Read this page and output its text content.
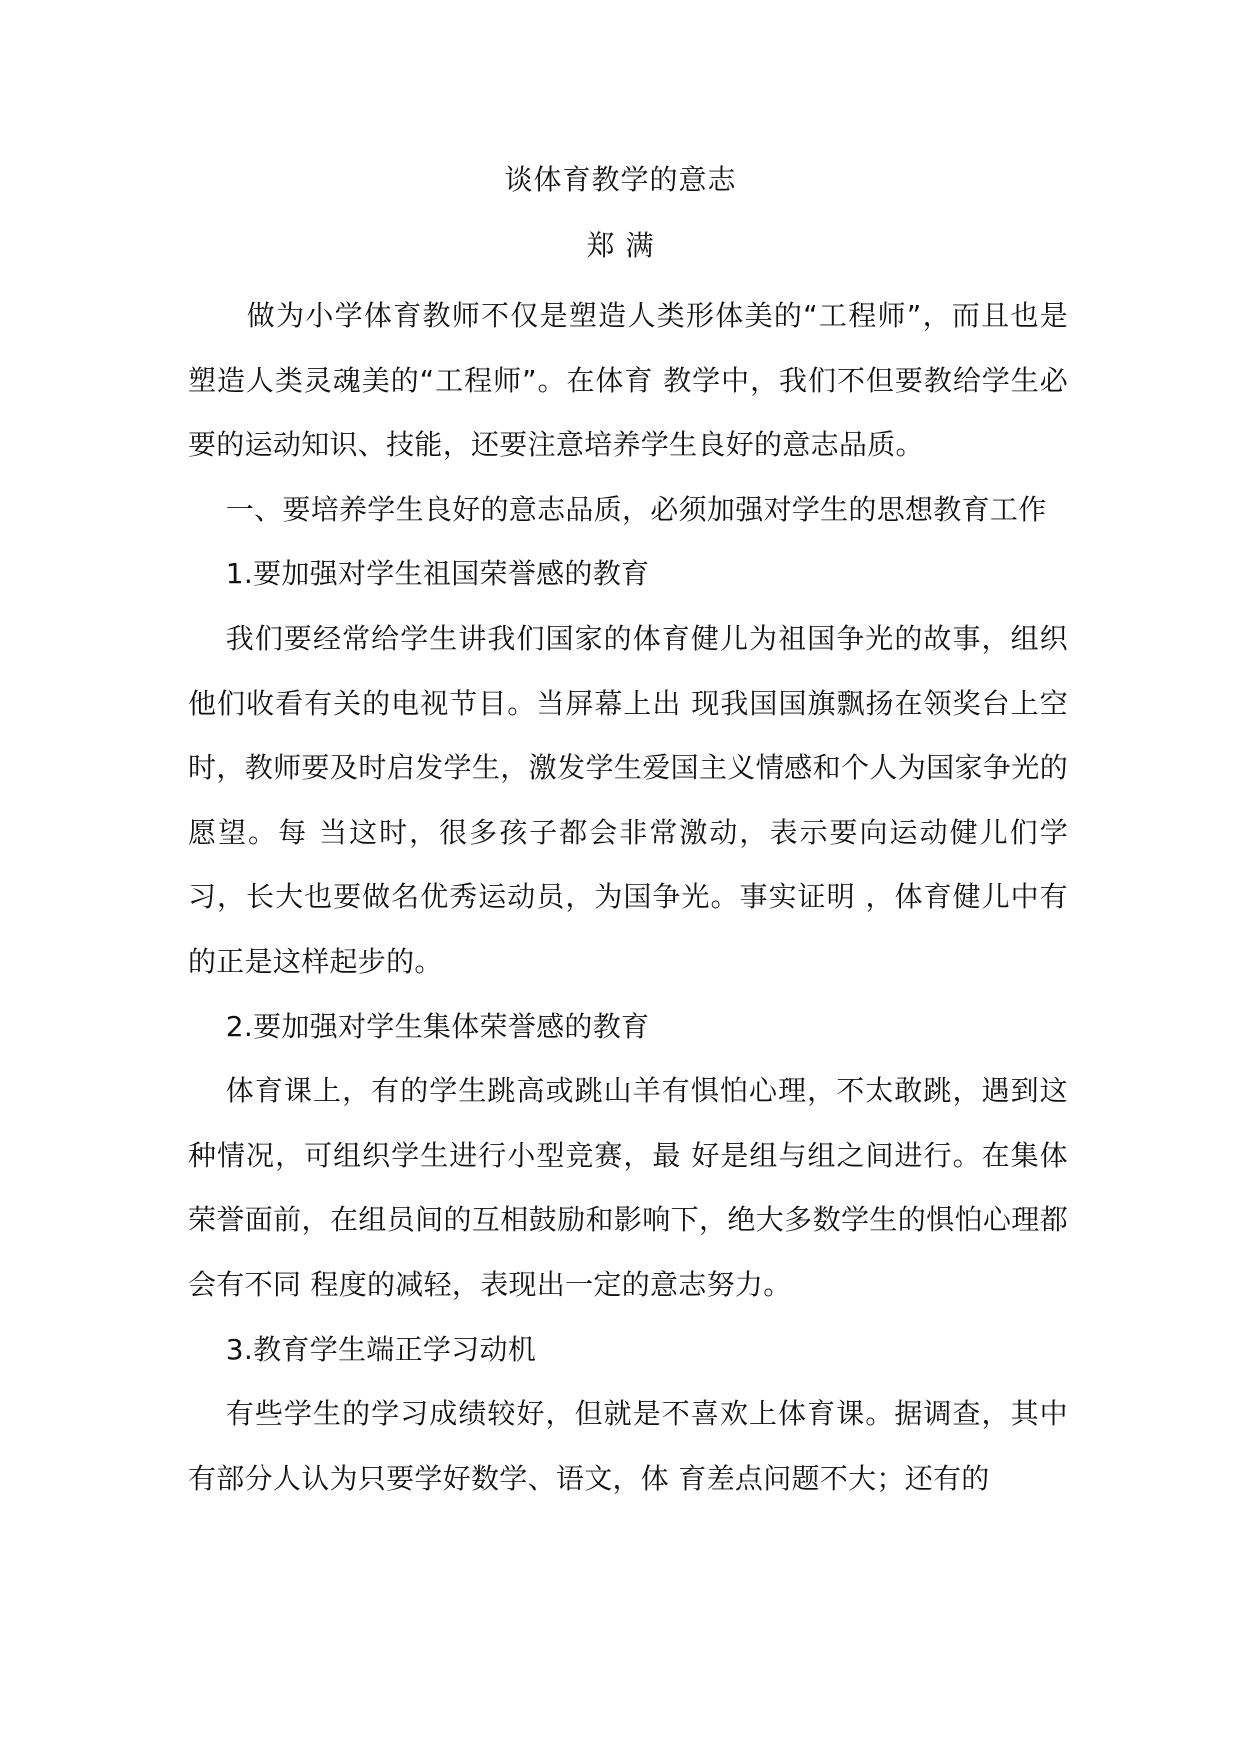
谈体育教学的意志
郑 满

做为小学体育教师不仅是塑造人类形体美的“工程师”，而且也是塑造人类灵魂美的“工程师”。在体育 教学中，我们不但要教给学生必要的运动知识、技能，还要注意培养学生良好的意志品质。

一、要培养学生良好的意志品质，必须加强对学生的思想教育工作

1.要加强对学生祖国荣誉感的教育

我们要经常给学生讲我们国家的体育健儿为祖国争光的故事，组织他们收看有关的电视节目。当屏幕上出 现我国国旗飘扬在领奖台上空时，教师要及时启发学生，激发学生爱国主义情感和个人为国家争光的愿望。每 当这时，很多孩子都会非常激动，表示要向运动健儿们学习，长大也要做名优秀运动员，为国争光。事实证明 ，体育健儿中有的正是这样起步的。

2.要加强对学生集体荣誉感的教育

体育课上，有的学生跳高或跳山羊有惧怕心理，不太敢跳，遇到这种情况，可组织学生进行小型竞赛，最 好是组与组之间进行。在集体荣誉面前，在组员间的互相鼓励和影响下，绝大多数学生的惧怕心理都会有不同 程度的减轻，表现出一定的意志努力。

3.教育学生端正学习动机

有些学生的学习成绩较好，但就是不喜欢上体育课。据调查，其中有部分人认为只要学好数学、语文，体 育差点问题不大；还有的
